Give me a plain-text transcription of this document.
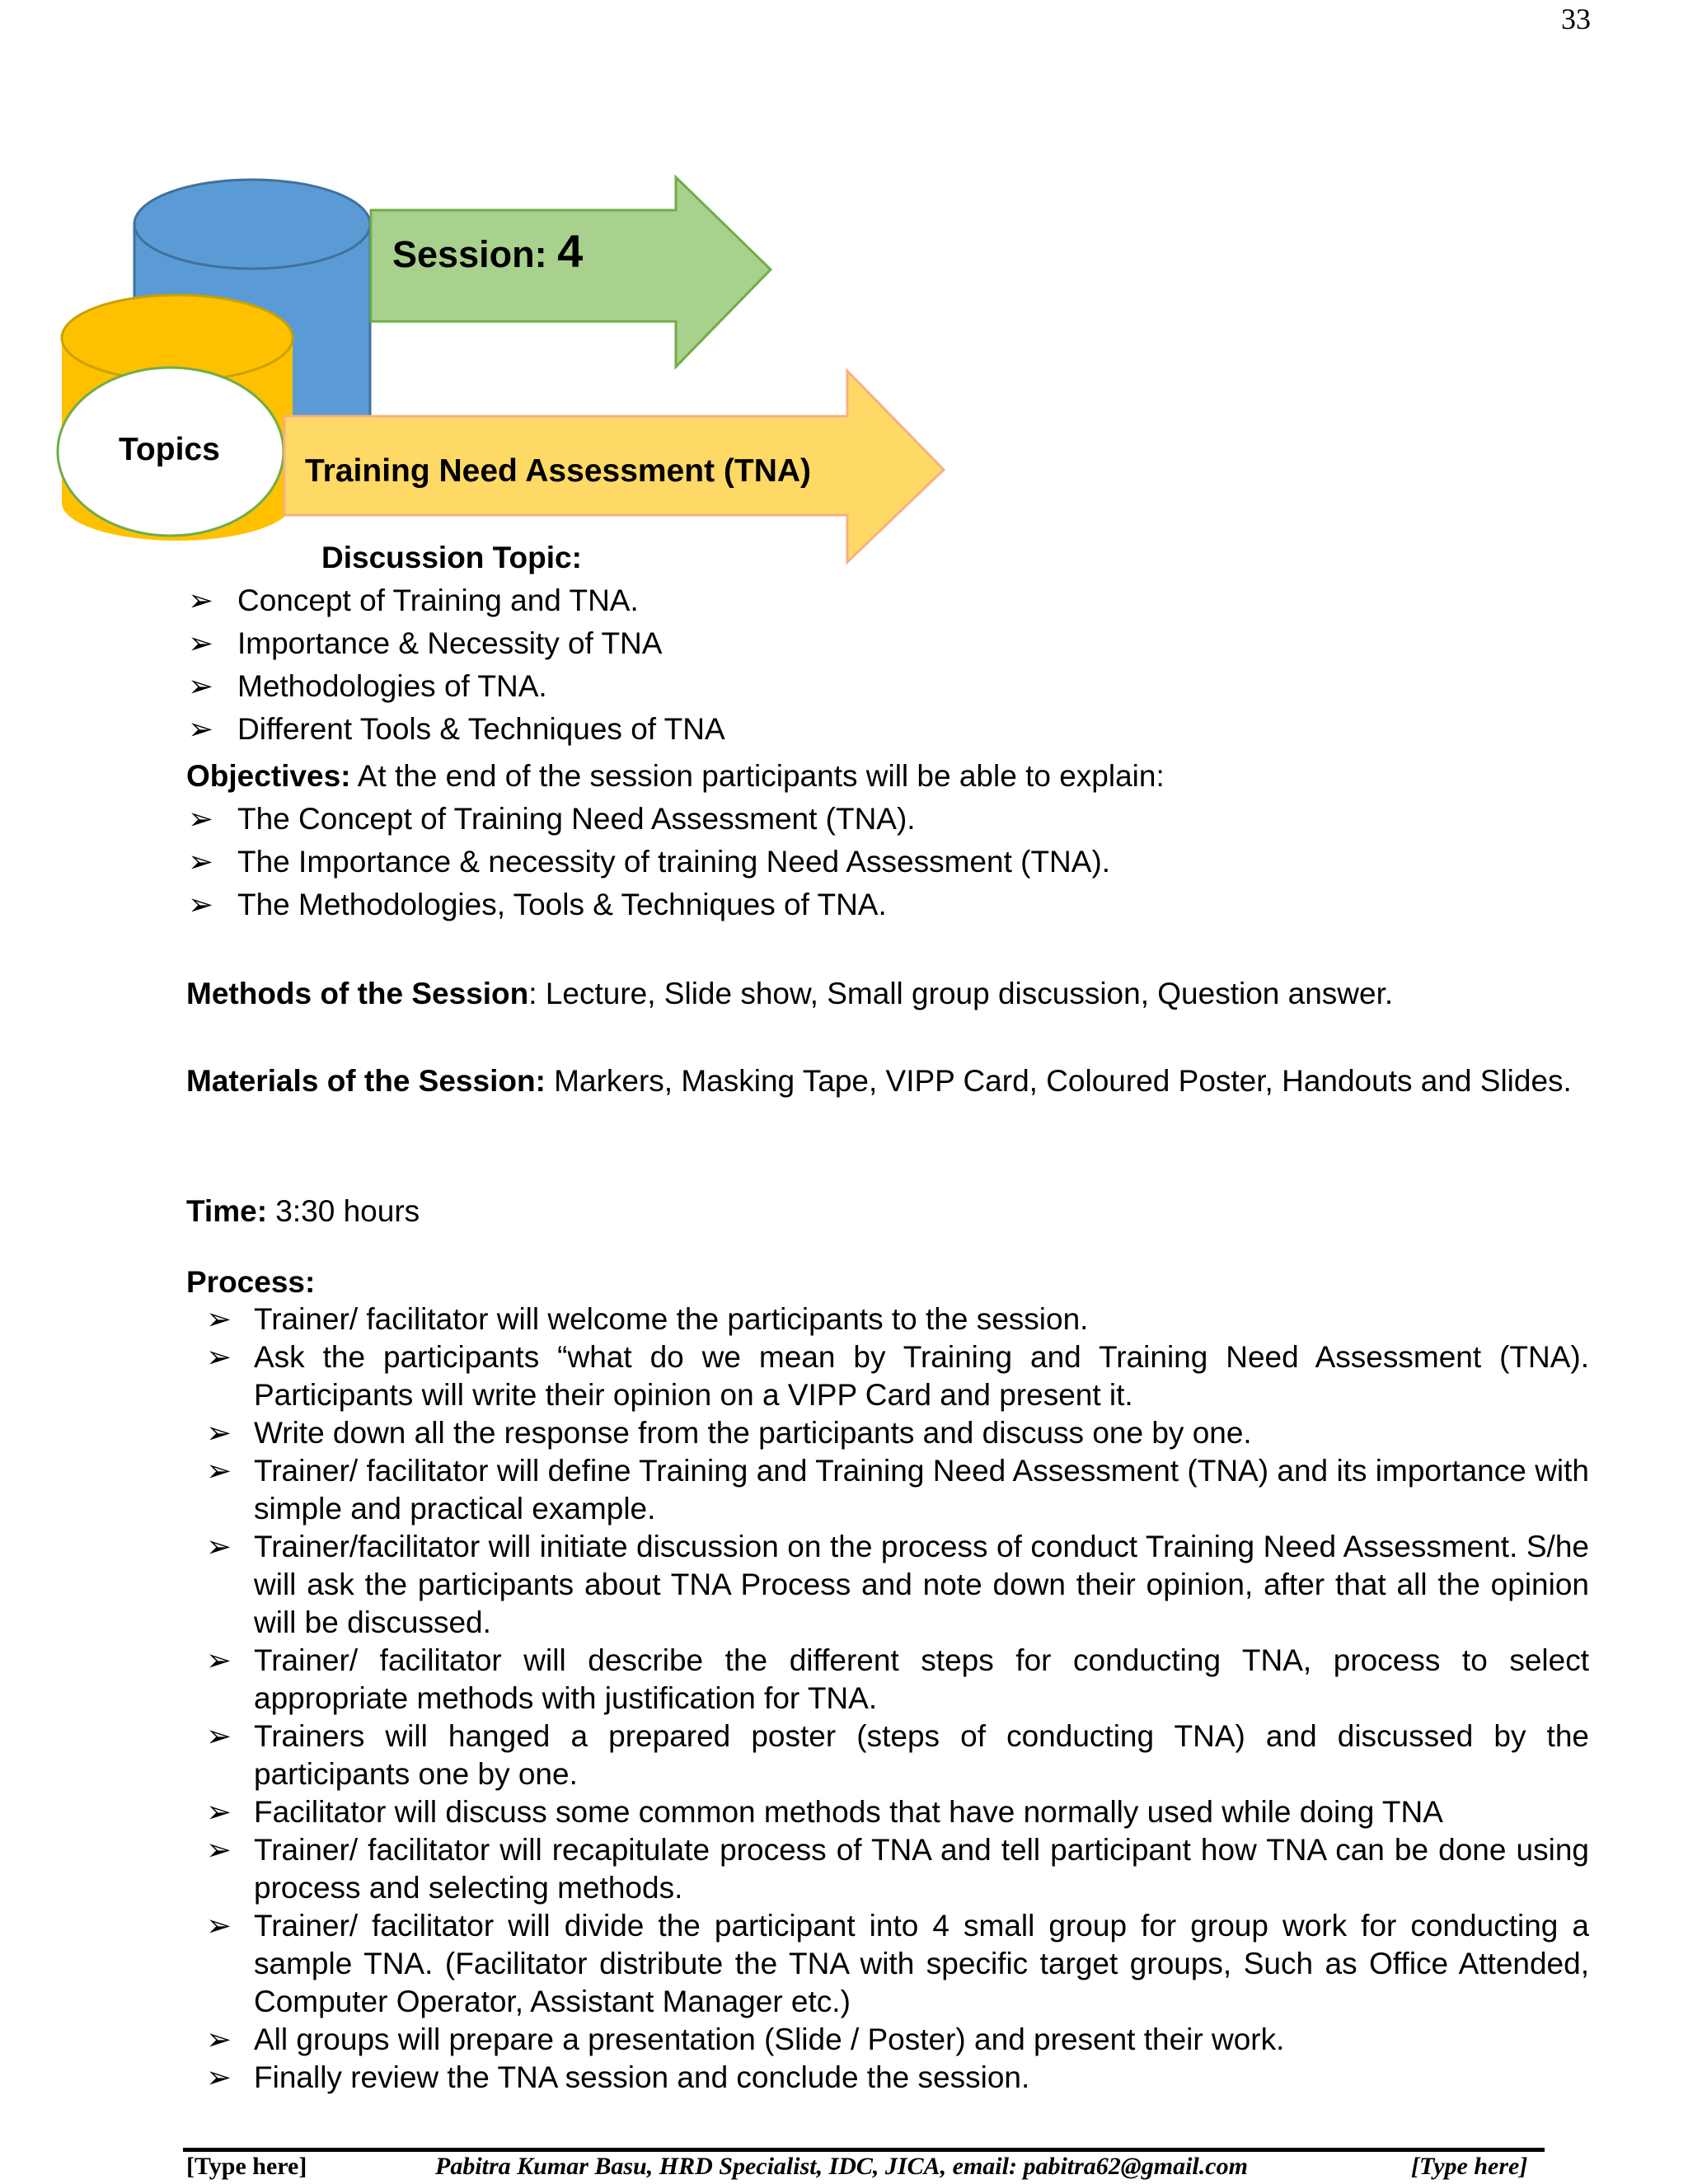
33
Session: 4
Topics
Training Need Assessment (TNA)
Discussion Topic:
➢ Concept of Training and TNA.
➢ Importance & Necessity of TNA
➢ Methodologies of TNA.
➢ Different Tools & Techniques of TNA
Objectives: At the end of the session participants will be able to explain:
➢ The Concept of Training Need Assessment (TNA).
➢ The Importance & necessity of training Need Assessment (TNA).
➢ The Methodologies, Tools & Techniques of TNA.
Methods of the Session: Lecture, Slide show, Small group discussion, Question answer.
Materials of the Session: Markers, Masking Tape, VIPP Card, Coloured Poster, Handouts and Slides.
Time: 3:30 hours
Process:
➢ Trainer/ facilitator will welcome the participants to the session.
➢ Ask the participants “what do we mean by Training and Training Need Assessment (TNA). Participants will write their opinion on a VIPP Card and present it.
➢ Write down all the response from the participants and discuss one by one.
➢ Trainer/ facilitator will define Training and Training Need Assessment (TNA) and its importance with simple and practical example.
➢ Trainer/facilitator will initiate discussion on the process of conduct Training Need Assessment. S/he will ask the participants about TNA Process and note down their opinion, after that all the opinion will be discussed.
➢ Trainer/ facilitator will describe the different steps for conducting TNA, process to select appropriate methods with justification for TNA.
➢ Trainers will hanged a prepared poster (steps of conducting TNA) and discussed by the participants one by one.
➢ Facilitator will discuss some common methods that have normally used while doing TNA
➢ Trainer/ facilitator will recapitulate process of TNA and tell participant how TNA can be done using process and selecting methods.
➢ Trainer/ facilitator will divide the participant into 4 small group for group work for conducting a sample TNA. (Facilitator distribute the TNA with specific target groups, Such as Office Attended, Computer Operator, Assistant Manager etc.)
➢ All groups will prepare a presentation (Slide / Poster) and present their work.
➢ Finally review the TNA session and conclude the session.
[Type here]	Pabitra Kumar Basu, HRD Specialist, IDC, JICA, email: pabitra62@gmail.com	[Type here]
